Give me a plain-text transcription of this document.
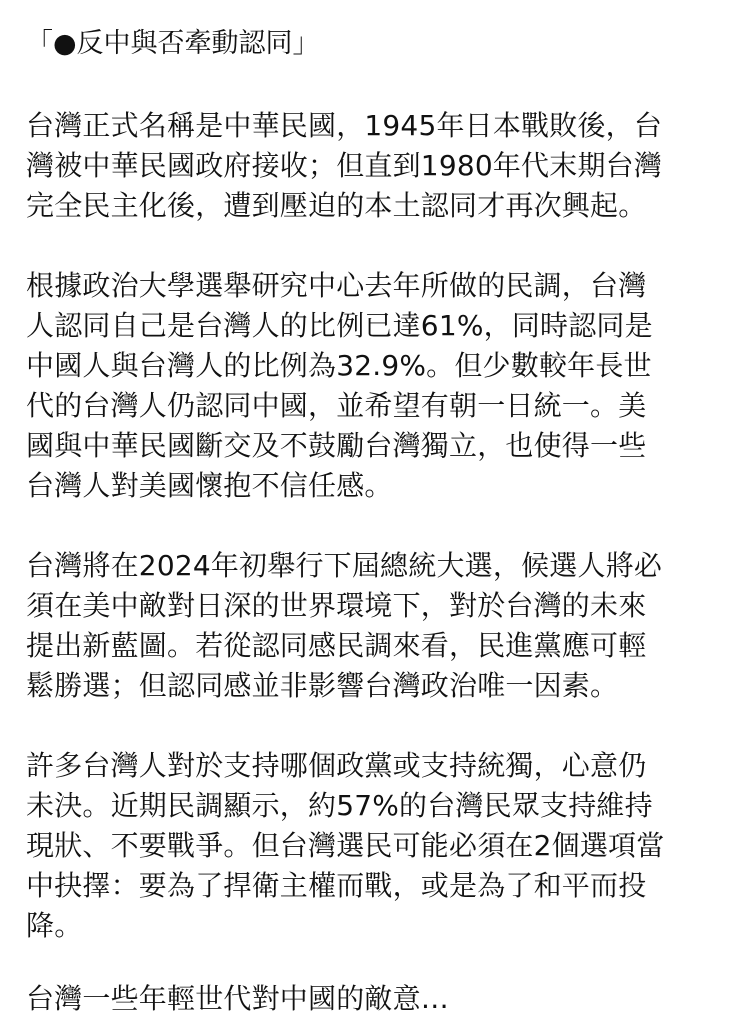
「●反中與否牽動認同」
台灣正式名稱是中華民國，1945年日本戰敗後，台
灣被中華民國政府接收；但直到1980年代末期台灣
完全民主化後，遭到壓迫的本土認同才再次興起。
根據政治大學選舉研究中心去年所做的民調，台灣
人認同自己是台灣人的比例已達61%，同時認同是
中國人與台灣人的比例為32.9%。但少數較年長世
代的台灣人仍認同中國，並希望有朝一日統一。美
國與中華民國斷交及不鼓勵台灣獨立，也使得一些
台灣人對美國懷抱不信任感。
台灣將在2024年初舉行下屆總統大選，候選人將必
須在美中敵對日深的世界環境下，對於台灣的未來
提出新藍圖。若從認同感民調來看，民進黨應可輕
鬆勝選；但認同感並非影響台灣政治唯一因素。
許多台灣人對於支持哪個政黨或支持統獨，心意仍
未決。近期民調顯示，約57%的台灣民眾支持維持
現狀、不要戰爭。但台灣選民可能必須在2個選項當
中抉擇：要為了捍衛主權而戰，或是為了和平而投
降。
台灣一些年輕世代對中國的敵意…
